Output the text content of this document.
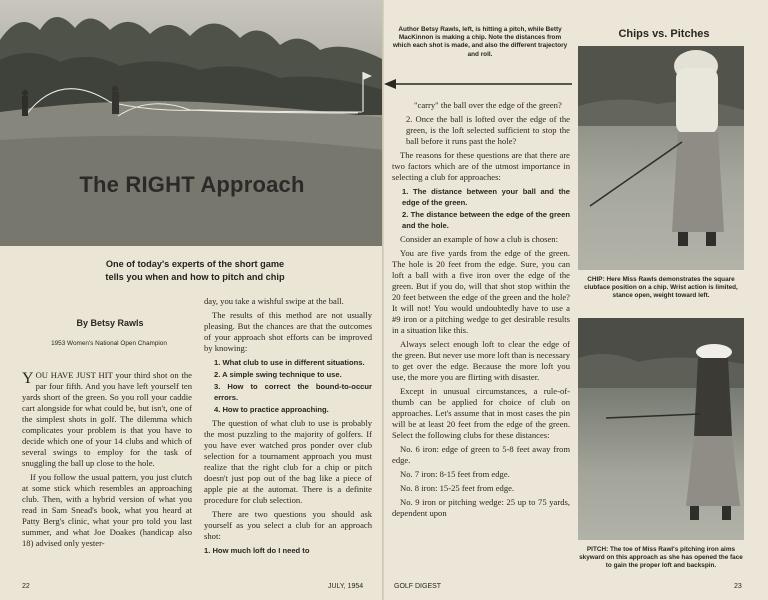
The RIGHT Approach
One of today's experts of the short game
tells you when and how to pitch and chip
By Betsy Rawls
1953 Women's National Open Champion

YOU HAVE JUST HIT your third shot on the par four fifth. And you have left yourself ten yards short of the green. So you roll your caddie cart alongside for what could be, but isn't, one of the simplest shots in golf. The dilemma which complicates your problem is that you have to decide which one of your 14 clubs and which of several swings to employ for the task of snuggling the ball up close to the hole.

If you follow the usual pattern, you just clutch at some stick which resembles an approaching club. Then, with a hybrid version of what you read in Sam Snead's book, what you heard at Patty Berg's clinic, what your pro told you last summer, and what Joe Doakes (handicap also 18) advised only yester-

day, you take a wishful swipe at the ball.

The results of this method are not usually pleasing. But the chances are that the outcomes of your approach shot efforts can be improved by knowing:

1. What club to use in different situations.
2. A simple swing technique to use.
3. How to correct the bound-to-occur errors.
4. How to practice approaching.

The question of what club to use is probably the most puzzling to the majority of golfers. If you have ever watched pros ponder over club selection for a tournament approach you must realize that the right club for a chip or pitch doesn't just pop out of the bag like a piece of apple pie at the automat. There is a definite procedure for club selection.

There are two questions you should ask yourself as you select a club for an approach shot:

1. How much loft do I need to

22	JULY, 1954
Author Betsy Rawls, left, is hitting a pitch, while Betty MacKinnon is making a chip. Note the distances from which each shot is made, and also the different trajectory and roll.

"carry" the ball over the edge of the green?

2. Once the ball is lofted over the edge of the green, is the loft selected sufficient to stop the ball before it runs past the hole?

The reasons for these questions are that there are two factors which are of the utmost importance in selecting a club for approaches:

1. The distance between your ball and the edge of the green.
2. The distance between the edge of the green and the hole.

Consider an example of how a club is chosen:

You are five yards from the edge of the green. The hole is 20 feet from the edge. Sure, you can loft a ball with a five iron over the edge of the green. But if you do, will that shot stop within the 20 feet between the edge of the green and the hole? It will not! You would undoubtedly have to use a #9 iron or a pitching wedge to get desirable results in a situation like this.

Always select enough loft to clear the edge of the green. But never use more loft than is necessary to get over the edge. Because the more loft you use, the more you are flirting with disaster.

Except in unusual circumstances, a rule-of-thumb can be applied for choice of club on approaches. Let's assume that in most cases the pin will be at least 20 feet from the edge of the green. Select the following clubs for these distances:

No. 6 iron: edge of green to 5-8 feet away from edge.

No. 7 iron: 8-15 feet from edge.

No. 8 iron: 15-25 feet from edge.

No. 9 iron or pitching wedge: 25 up to 75 yards, dependent upon

Chips vs. Pitches
CHIP: Here Miss Rawls demonstrates the square clubface position on a chip. Wrist action is limited, stance open, weight toward left.
PITCH: The toe of Miss Rawl's pitching iron aims skyward on this approach as she has opened the face to gain the proper loft and backspin.
GOLF DIGEST	23
